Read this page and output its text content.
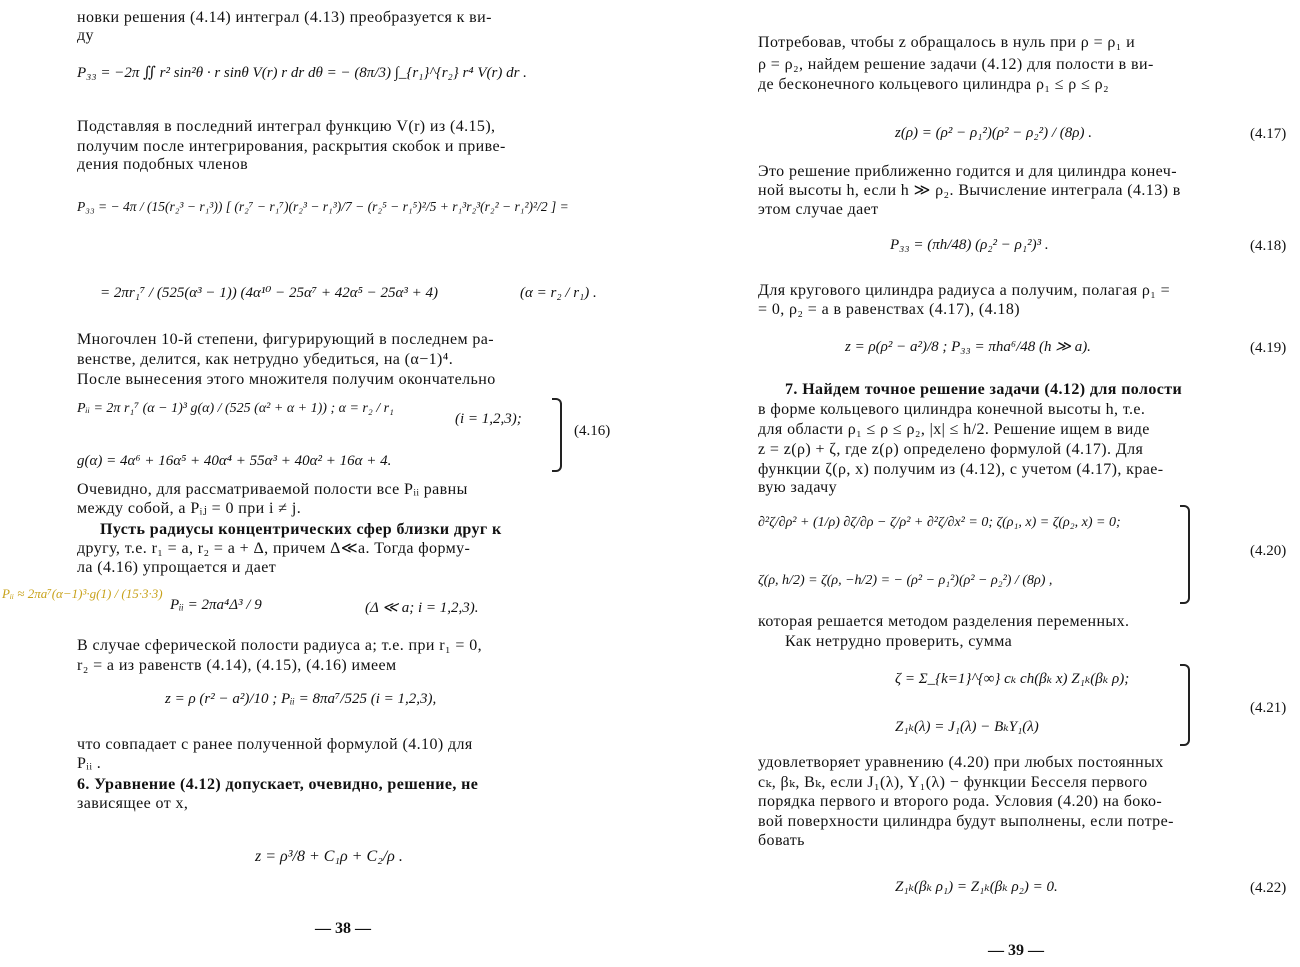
новки решения (4.14) интеграл (4.13) преобразуется к ви-
ду
P₃₃ = −2π ∬ r² sin²θ · r sinθ V(r) r dr dθ = − (8π/3) ∫_{r₁}^{r₂} r⁴ V(r) dr .
Подставляя в последний интеграл функцию V(r) из (4.15),
получим после интегрирования, раскрытия скобок и приве-
дения подобных членов
P₃₃ = − 4π / (15(r₂³ − r₁³)) [ (r₂⁷ − r₁⁷)(r₂³ − r₁³)/7 − (r₂⁵ − r₁⁵)²/5 + r₁³r₂³(r₂² − r₁²)²/2 ] =
= 2πr₁⁷ / (525(α³ − 1)) (4α¹⁰ − 25α⁷ + 42α⁵ − 25α³ + 4)	(α = r₂ / r₁) .
Многочлен 10-й степени, фигурирующий в последнем ра-
венстве, делится, как нетрудно убедиться, на (α−1)⁴.
После вынесения этого множителя получим окончательно
Pᵢᵢ = 2π r₁⁷ (α − 1)³ g(α) / (525 (α² + α + 1)) ; α = r₂ / r₁
(i = 1,2,3);
g(α) = 4α⁶ + 16α⁵ + 40α⁴ + 55α³ + 40α² + 16α + 4.
(4.16)
Очевидно, для рассматриваемой полости все Pᵢᵢ равны
между собой, а Pᵢⱼ = 0 при i ≠ j.
Пусть радиусы концентрических сфер близки друг к
другу, т.е. r₁ = a, r₂ = a + Δ, причем Δ≪a. Тогда форму-
ла (4.16) упрощается и дает
Pᵢᵢ ≈ 2πa⁷(α−1)³·g(1) / (15·3·3)
Pᵢᵢ = 2πa⁴Δ³ / 9	(Δ ≪ a; i = 1,2,3).
В случае сферической полости радиуса a; т.е. при r₁ = 0,
r₂ = a из равенств (4.14), (4.15), (4.16) имеем
z = ρ (r² − a²)/10 ; Pᵢᵢ = 8πa⁷/525 (i = 1,2,3),
что совпадает с ранее полученной формулой (4.10) для
Pᵢᵢ .
6. Уравнение (4.12) допускает, очевидно, решение, не
зависящее от x,
z = ρ³/8 + C₁ρ + C₂/ρ .
— 38 —
Потребовав, чтобы z обращалось в нуль при ρ = ρ₁ и
ρ = ρ₂, найдем решение задачи (4.12) для полости в ви-
де бесконечного кольцевого цилиндра ρ₁ ≤ ρ ≤ ρ₂
z(ρ) = (ρ² − ρ₁²)(ρ² − ρ₂²) / (8ρ) .	(4.17)
Это решение приближенно годится и для цилиндра конеч-
ной высоты h, если h ≫ ρ₂. Вычисление интеграла (4.13) в
этом случае дает
P₃₃ = (πh/48) (ρ₂² − ρ₁²)³ .	(4.18)
Для кругового цилиндра радиуса a получим, полагая ρ₁ =
= 0, ρ₂ = a в равенствах (4.17), (4.18)
z = ρ(ρ² − a²)/8 ; P₃₃ = πha⁶/48 (h ≫ a).	(4.19)
7. Найдем точное решение задачи (4.12) для полости
в форме кольцевого цилиндра конечной высоты h, т.е.
для области ρ₁ ≤ ρ ≤ ρ₂, |x| ≤ h/2. Решение ищем в виде
z = z(ρ) + ζ, где z(ρ) определено формулой (4.17). Для
функции ζ(ρ, x) получим из (4.12), с учетом (4.17), краe-
вую задачу
∂²ζ/∂ρ² + (1/ρ) ∂ζ/∂ρ − ζ/ρ² + ∂²ζ/∂x² = 0; ζ(ρ₁, x) = ζ(ρ₂, x) = 0;
ζ(ρ, h/2) = ζ(ρ, −h/2) = − (ρ² − ρ₁²)(ρ² − ρ₂²) / (8ρ) ,
(4.20)
которая решается методом разделения переменных.
Как нетрудно проверить, сумма
ζ = Σ_{k=1}^{∞} cₖ ch(βₖ x) Z₁ₖ(βₖ ρ);
Z₁ₖ(λ) = J₁(λ) − BₖY₁(λ)
(4.21)
удовлетворяет уравнению (4.20) при любых постоянных
cₖ, βₖ, Bₖ, если J₁(λ), Y₁(λ) − функции Бесселя первого
порядка первого и второго рода. Условия (4.20) на боко-
вой поверхности цилиндра будут выполнены, если потре-
бовать
Z₁ₖ(βₖ ρ₁) = Z₁ₖ(βₖ ρ₂) = 0.	(4.22)
— 39 —
